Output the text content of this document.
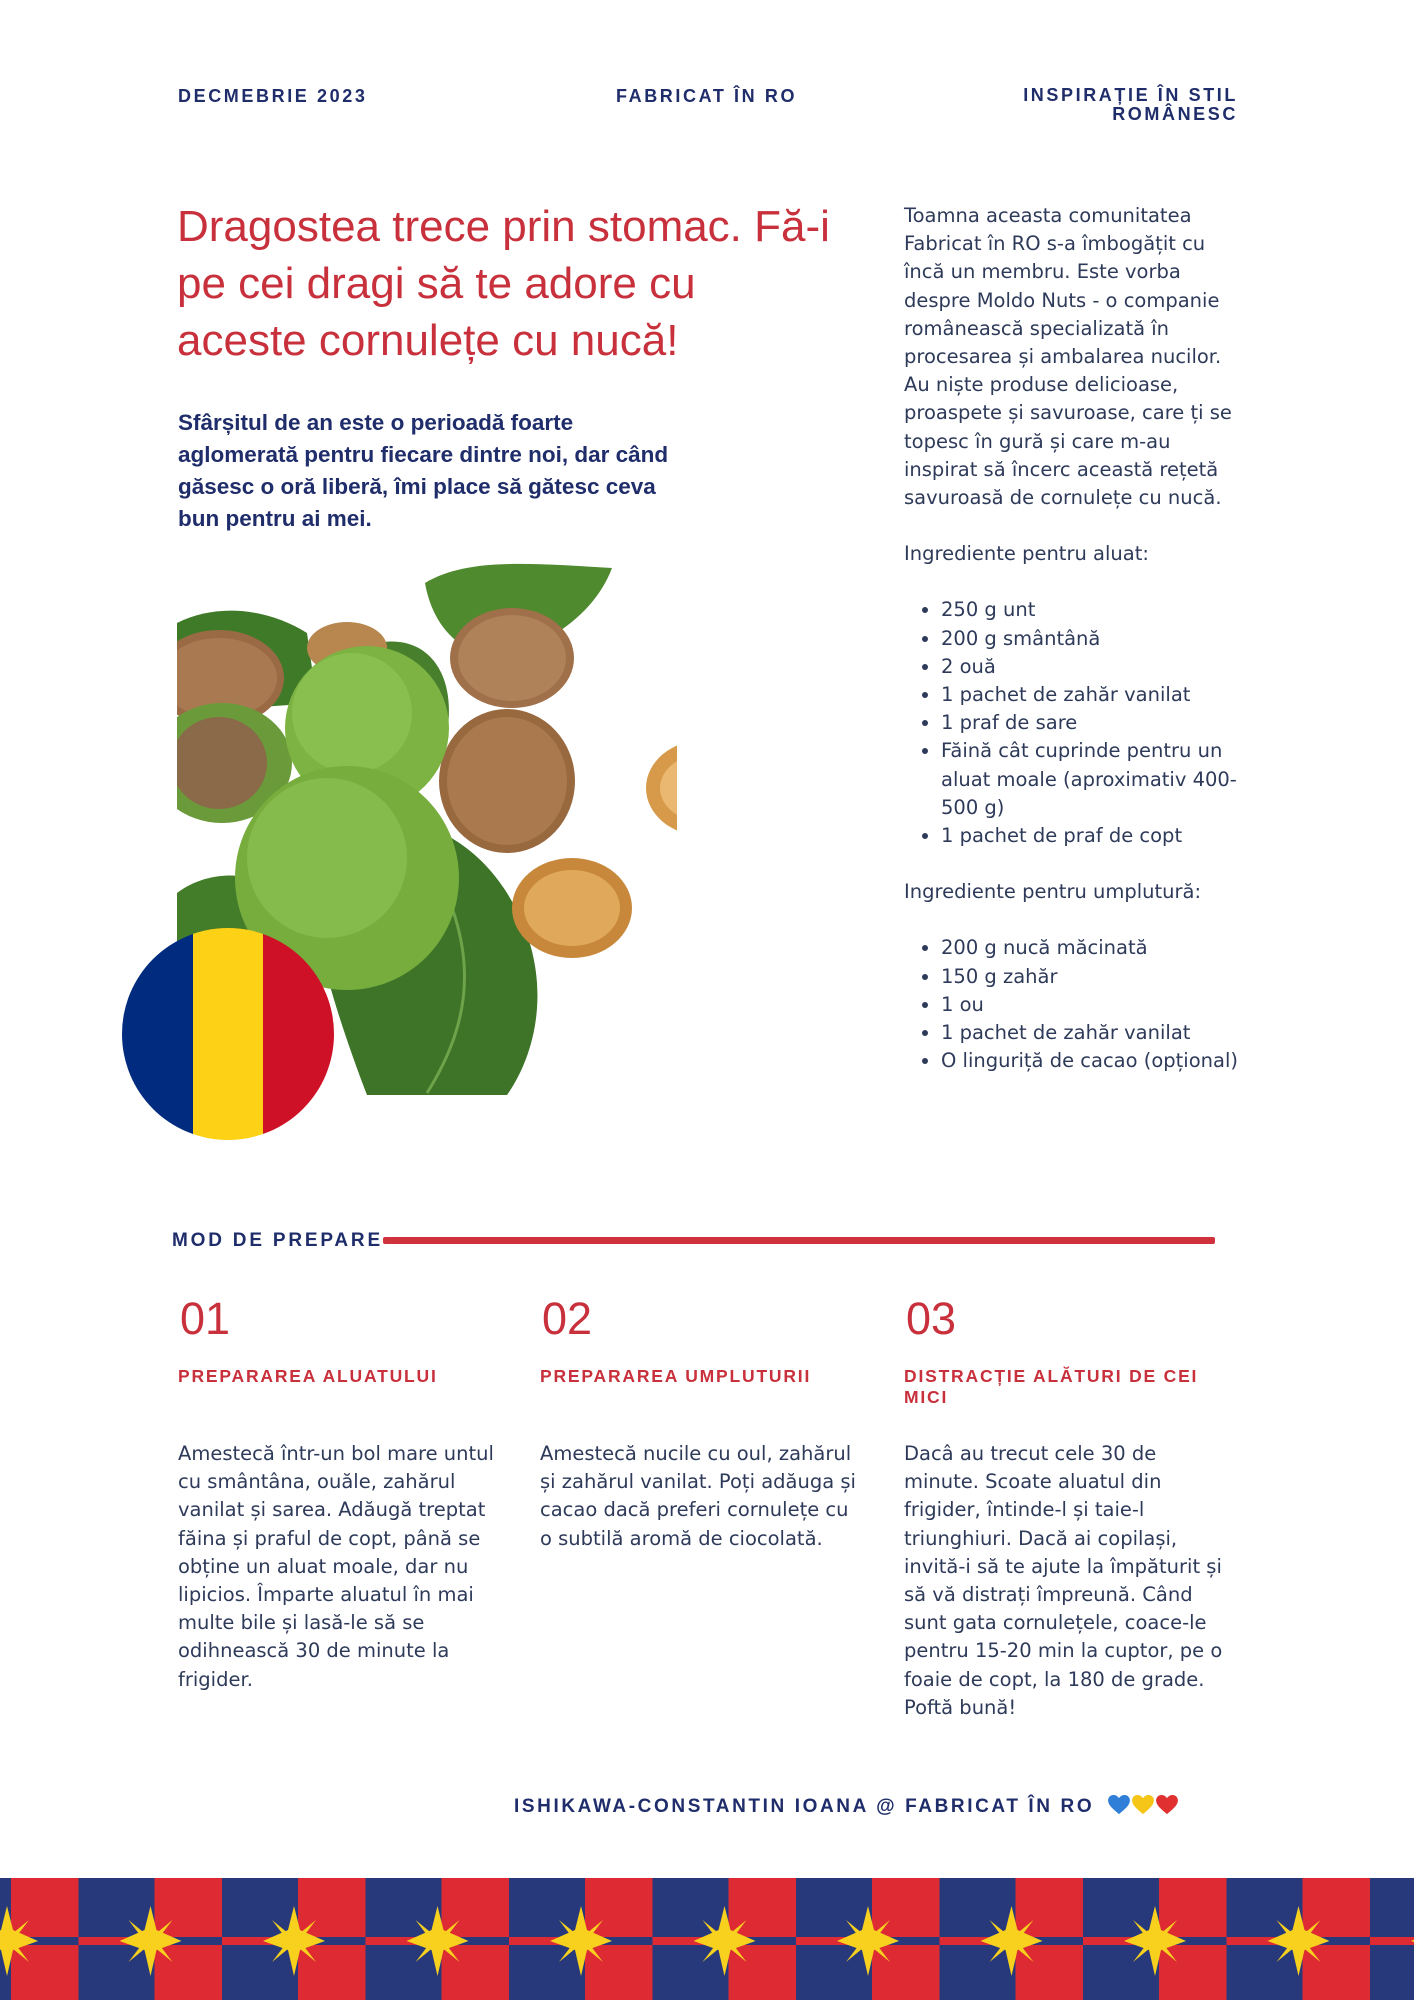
DECMEBRIE 2023	FABRICAT ÎN RO	INSPIRAȚIE ÎN STIL ROMÂNESC
Dragostea trece prin stomac. Fă-i pe cei dragi să te adore cu aceste cornulețe cu nucă!

Sfârșitul de an este o perioadă foarte aglomerată pentru fiecare dintre noi, dar când găsesc o oră liberă, îmi place să gătesc ceva bun pentru ai mei.

Toamna aceasta comunitatea Fabricat în RO s-a îmbogățit cu încă un membru. Este vorba despre Moldo Nuts - o companie românească specializată în procesarea și ambalarea nucilor. Au niște produse delicioase, proaspete și savuroase, care ți se topesc în gură și care m-au inspirat să încerc această rețetă savuroasă de cornulețe cu nucă.

Ingrediente pentru aluat:

• 250 g unt
• 200 g smântână
• 2 ouă
• 1 pachet de zahăr vanilat
• 1 praf de sare
• Făină cât cuprinde pentru un aluat moale (aproximativ 400-500 g)
• 1 pachet de praf de copt

Ingrediente pentru umplutură:

• 200 g nucă măcinată
• 150 g zahăr
• 1 ou
• 1 pachet de zahăr vanilat
• O linguriță de cacao (opțional)
MOD DE PREPARE
01
PREPARAREA ALUATULUI
Amestecă într-un bol mare untul cu smântâna, ouăle, zahărul vanilat și sarea. Adăugă treptat făina și praful de copt, până se obține un aluat moale, dar nu lipicios. Împarte aluatul în mai multe bile și lasă-le să se odihnească 30 de minute la frigider.
02
PREPARAREA UMPLUTURII
Amestecă nucile cu oul, zahărul și zahărul vanilat. Poți adăuga și cacao dacă preferi cornulețe cu o subtilă aromă de ciocolată.
03
DISTRACȚIE ALĂTURI DE CEI MICI
Dacâ au trecut cele 30 de minute. Scoate aluatul din frigider, întinde-l și taie-l triunghiuri. Dacă ai copilași, invită-i să te ajute la împăturit și să vă distrați împreună. Când sunt gata cornulețele, coace-le pentru 15-20 min la cuptor, pe o foaie de copt, la 180 de grade. Poftă bună!
ISHIKAWA-CONSTANTIN IOANA @ FABRICAT ÎN RO
